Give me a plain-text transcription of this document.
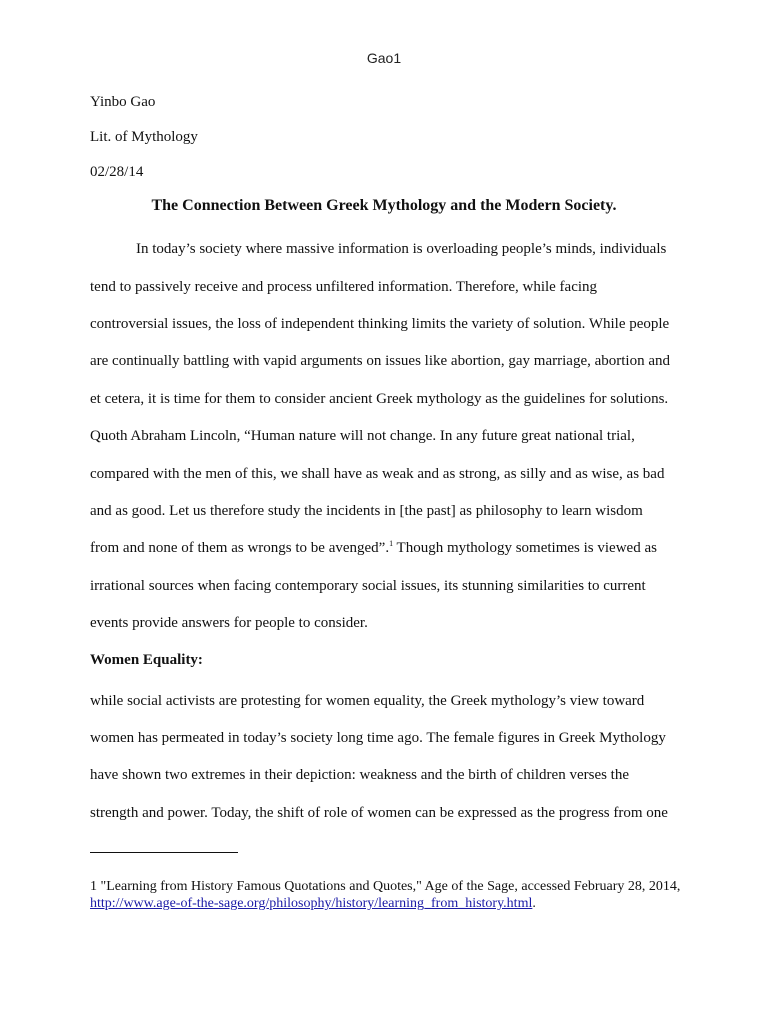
Gao1
Yinbo Gao
Lit. of Mythology
02/28/14
The Connection Between Greek Mythology and the Modern Society.
In today’s society where massive information is overloading people’s minds, individuals
tend to passively receive and process unfiltered information. Therefore, while facing
controversial issues, the loss of independent thinking limits the variety of solution. While people
are continually battling with vapid arguments on issues like abortion, gay marriage, abortion and
et cetera, it is time for them to consider ancient Greek mythology as the guidelines for solutions.
Quoth Abraham Lincoln, “Human nature will not change. In any future great national trial,
compared with the men of this, we shall have as weak and as strong, as silly and as wise, as bad
and as good. Let us therefore study the incidents in [the past] as philosophy to learn wisdom
from and none of them as wrongs to be avenged”.$^1$ Though mythology sometimes is viewed as
irrational sources when facing contemporary social issues, its stunning similarities to current
events provide answers for people to consider.
Women Equality:
while social activists are protesting for women equality, the Greek mythology’s view toward
women has permeated in today’s society long time ago. The female figures in Greek Mythology
have shown two extremes in their depiction: weakness and the birth of children verses the
strength and power. Today, the shift of role of women can be expressed as the progress from one
1 "Learning from History Famous Quotations and Quotes," Age of the Sage, accessed February 28, 2014, http://www.age-of-the-sage.org/philosophy/history/learning_from_history.html.
